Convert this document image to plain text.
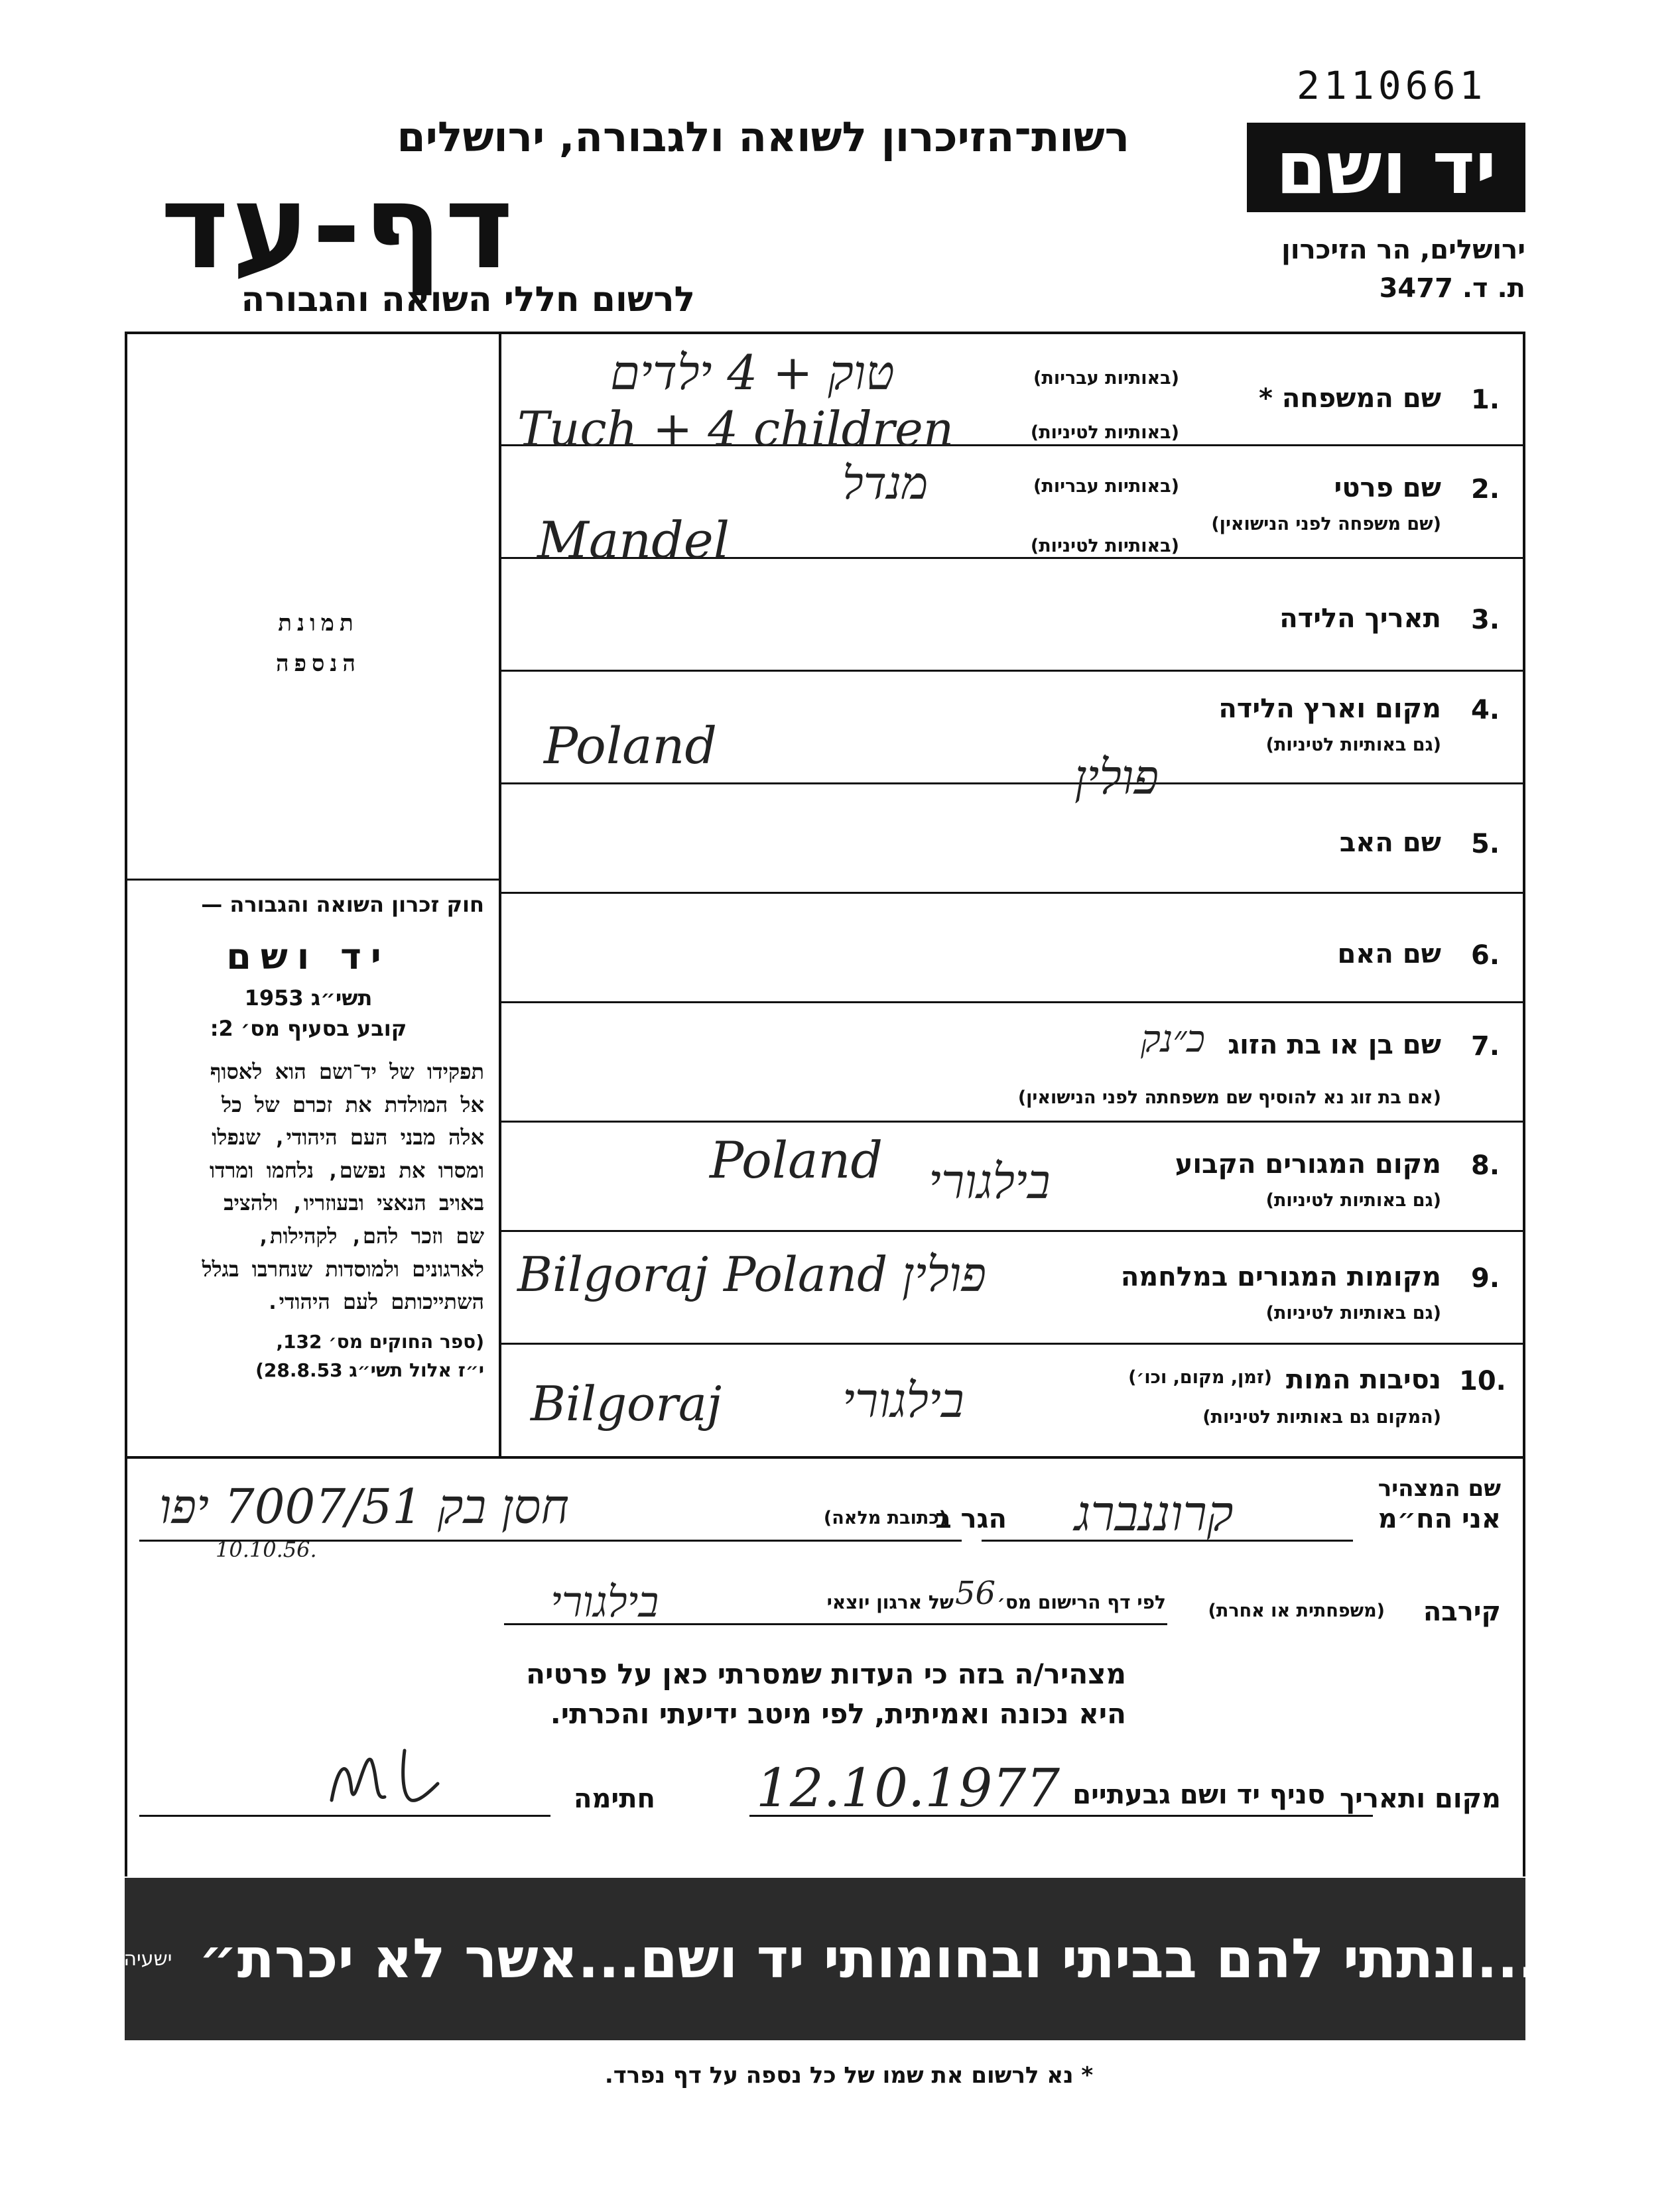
2110661
יד ושם
ירושלים, הר הזיכרון
ת. ד. 3477
רשות־הזיכרון לשואה ולגבורה, ירושלים
דף-עד
לרשום חללי השואה והגבורה
תמונת
הנספה
חוק זכרון השואה והגבורה —
יד ושם
תשי״ג 1953
קובע בסעיף מס׳ 2:
תפקידו של יד־ושם הוא לאסוף
אל המולדת את זכרם של כל
אלה מבני העם היהודי, שנפלו
ומסרו את נפשם, נלחמו ומרדו
באויב הנאצי ובעוזריו, ולהציב
שם וזכר להם, לקהילות,
לארגונים ולמוסדות שנחרבו בגלל
השתייכותם לעם היהודי.
(ספר החוקים מס׳ 132,
י״ז אלול תשי״ג 28.8.53)
1.
שם המשפחה *
(באותיות עבריות)
(באותיות לטיניות)
טוק + 4 ילדים
Tuch + 4 children
2.
שם פרטי
(שם משפחה לפני הנישואין)
(באותיות עבריות)
(באותיות לטיניות)
מנדל
Mandel
3.
תאריך הלידה
4.
מקום וארץ הלידה
(גם באותיות לטיניות)
Poland
פולין
5.
שם האב
6.
שם האם
7.
שם בן או בת הזוג
(אם בת זוג נא להוסיף שם משפחתה לפני הנישואין)
כ״נק
8.
מקום המגורים הקבוע
(גם באותיות לטיניות)
בילגורי
Poland
9.
מקומות המגורים במלחמה
(גם באותיות לטיניות)
Bilgoraj Poland פולין
10.
נסיבות המות
(זמן, מקום, וכו׳)
(המקום גם באותיות לטיניות)
Bilgoraj	בילגורי
שם המצהיר
אני הח״מ
קרוננברג
הגר ב
(כתובת מלאה)
חסן בק 7007/51 יפו
10.10.56.
קירבה
(משפחתית או אחרת)
לפי דף הרישום מס׳
56
של ארגון יוצאי
בילגורי
מצהיר/ה בזה כי העדות שמסרתי כאן על פרטיה
היא נכונה ואמיתית, לפי מיטב ידיעתי והכרתי.
מקום ותאריך
סניף יד ושם גבעתיים
12.10.1977
חתימה
״...ונתתי להם בביתי ובחומותי יד ושם...אשר לא יכרת״
ישעיהו נו, ה
* נא לרשום את שמו של כל נספה על דף נפרד.
